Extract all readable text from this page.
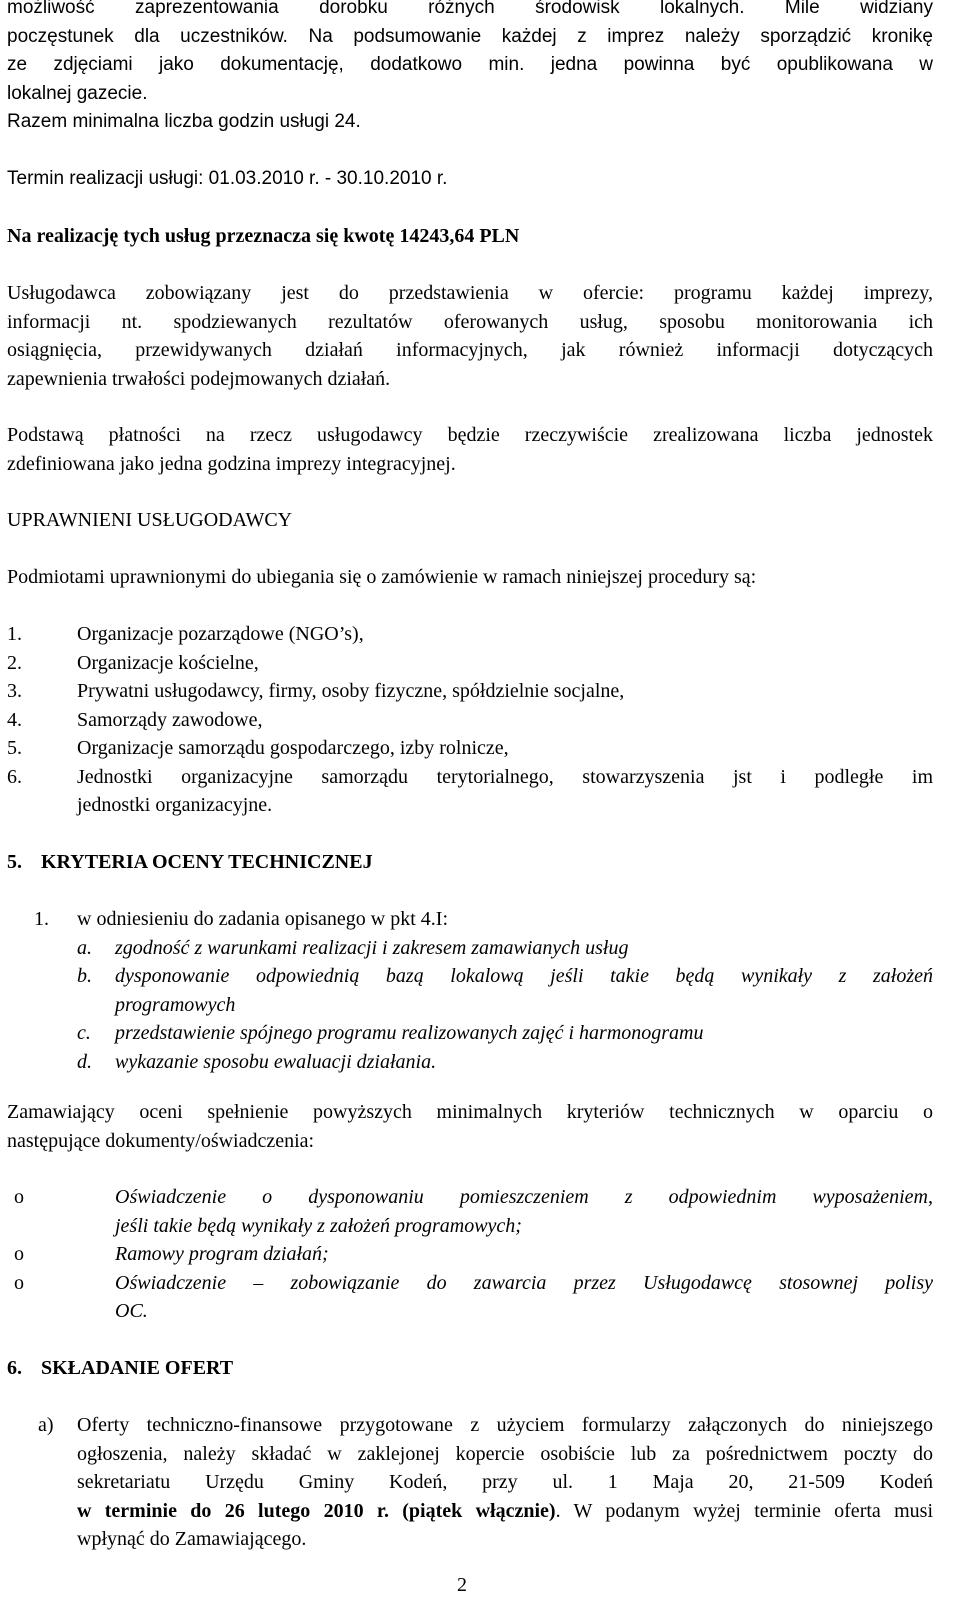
możliwość zaprezentowania dorobku różnych środowisk lokalnych. Mile widziany
poczęstunek dla uczestników. Na podsumowanie każdej z imprez należy sporządzić kronikę
ze zdjęciami jako dokumentację, dodatkowo min. jedna powinna być opublikowana w
lokalnej gazecie.

Razem minimalna liczba godzin usługi 24.

Termin realizacji usługi: 01.03.2010 r. - 30.10.2010 r.

Na realizację tych usług przeznacza się kwotę 14243,64 PLN

Usługodawca zobowiązany jest do przedstawienia w ofercie: programu każdej imprezy,
informacji nt. spodziewanych rezultatów oferowanych usług, sposobu monitorowania ich
osiągnięcia, przewidywanych działań informacyjnych, jak również informacji dotyczących
zapewnienia trwałości podejmowanych działań.

Podstawą płatności na rzecz usługodawcy będzie rzeczywiście zrealizowana liczba jednostek
zdefiniowana jako jedna godzina imprezy integracyjnej.

UPRAWNIENI USŁUGODAWCY

Podmiotami uprawnionymi do ubiegania się o zamówienie w ramach niniejszej procedury są:

1.	Organizacje pozarządowe (NGO’s),
2.	Organizacje kościelne,
3.	Prywatni usługodawcy, firmy, osoby fizyczne, spółdzielnie socjalne,
4.	Samorządy zawodowe,
5.	Organizacje samorządu gospodarczego, izby rolnicze,
6.	Jednostki organizacyjne samorządu terytorialnego, stowarzyszenia jst i podległe im
jednostki organizacyjne.
5. KRYTERIA OCENY TECHNICZNEJ
1. w odniesieniu do zadania opisanego w pkt 4.I:
a. zgodność z warunkami realizacji i zakresem zamawianych usług
b. dysponowanie odpowiednią bazą lokalową jeśli takie będą wynikały z założeń
programowych
c. przedstawienie spójnego programu realizowanych zajęć i harmonogramu
d. wykazanie sposobu ewaluacji działania.

Zamawiający oceni spełnienie powyższych minimalnych kryteriów technicznych w oparciu o
następujące dokumenty/oświadczenia:

o	Oświadczenie o dysponowaniu pomieszczeniem z odpowiednim wyposażeniem,
jeśli takie będą wynikały z założeń programowych;
o	Ramowy program działań;
o	Oświadczenie – zobowiązanie do zawarcia przez Usługodawcę stosownej polisy
OC.
6. SKŁADANIE OFERT
a) Oferty techniczno-finansowe przygotowane z użyciem formularzy załączonych do niniejszego
ogłoszenia, należy składać w zaklejonej kopercie osobiście lub za pośrednictwem poczty do
sekretariatu Urzędu Gminy Kodeń, przy ul. 1 Maja 20, 21-509 Kodeń
w terminie do 26 lutego 2010 r. (piątek włącznie). W podanym wyżej terminie oferta musi
wpłynąć do Zamawiającego.
2
